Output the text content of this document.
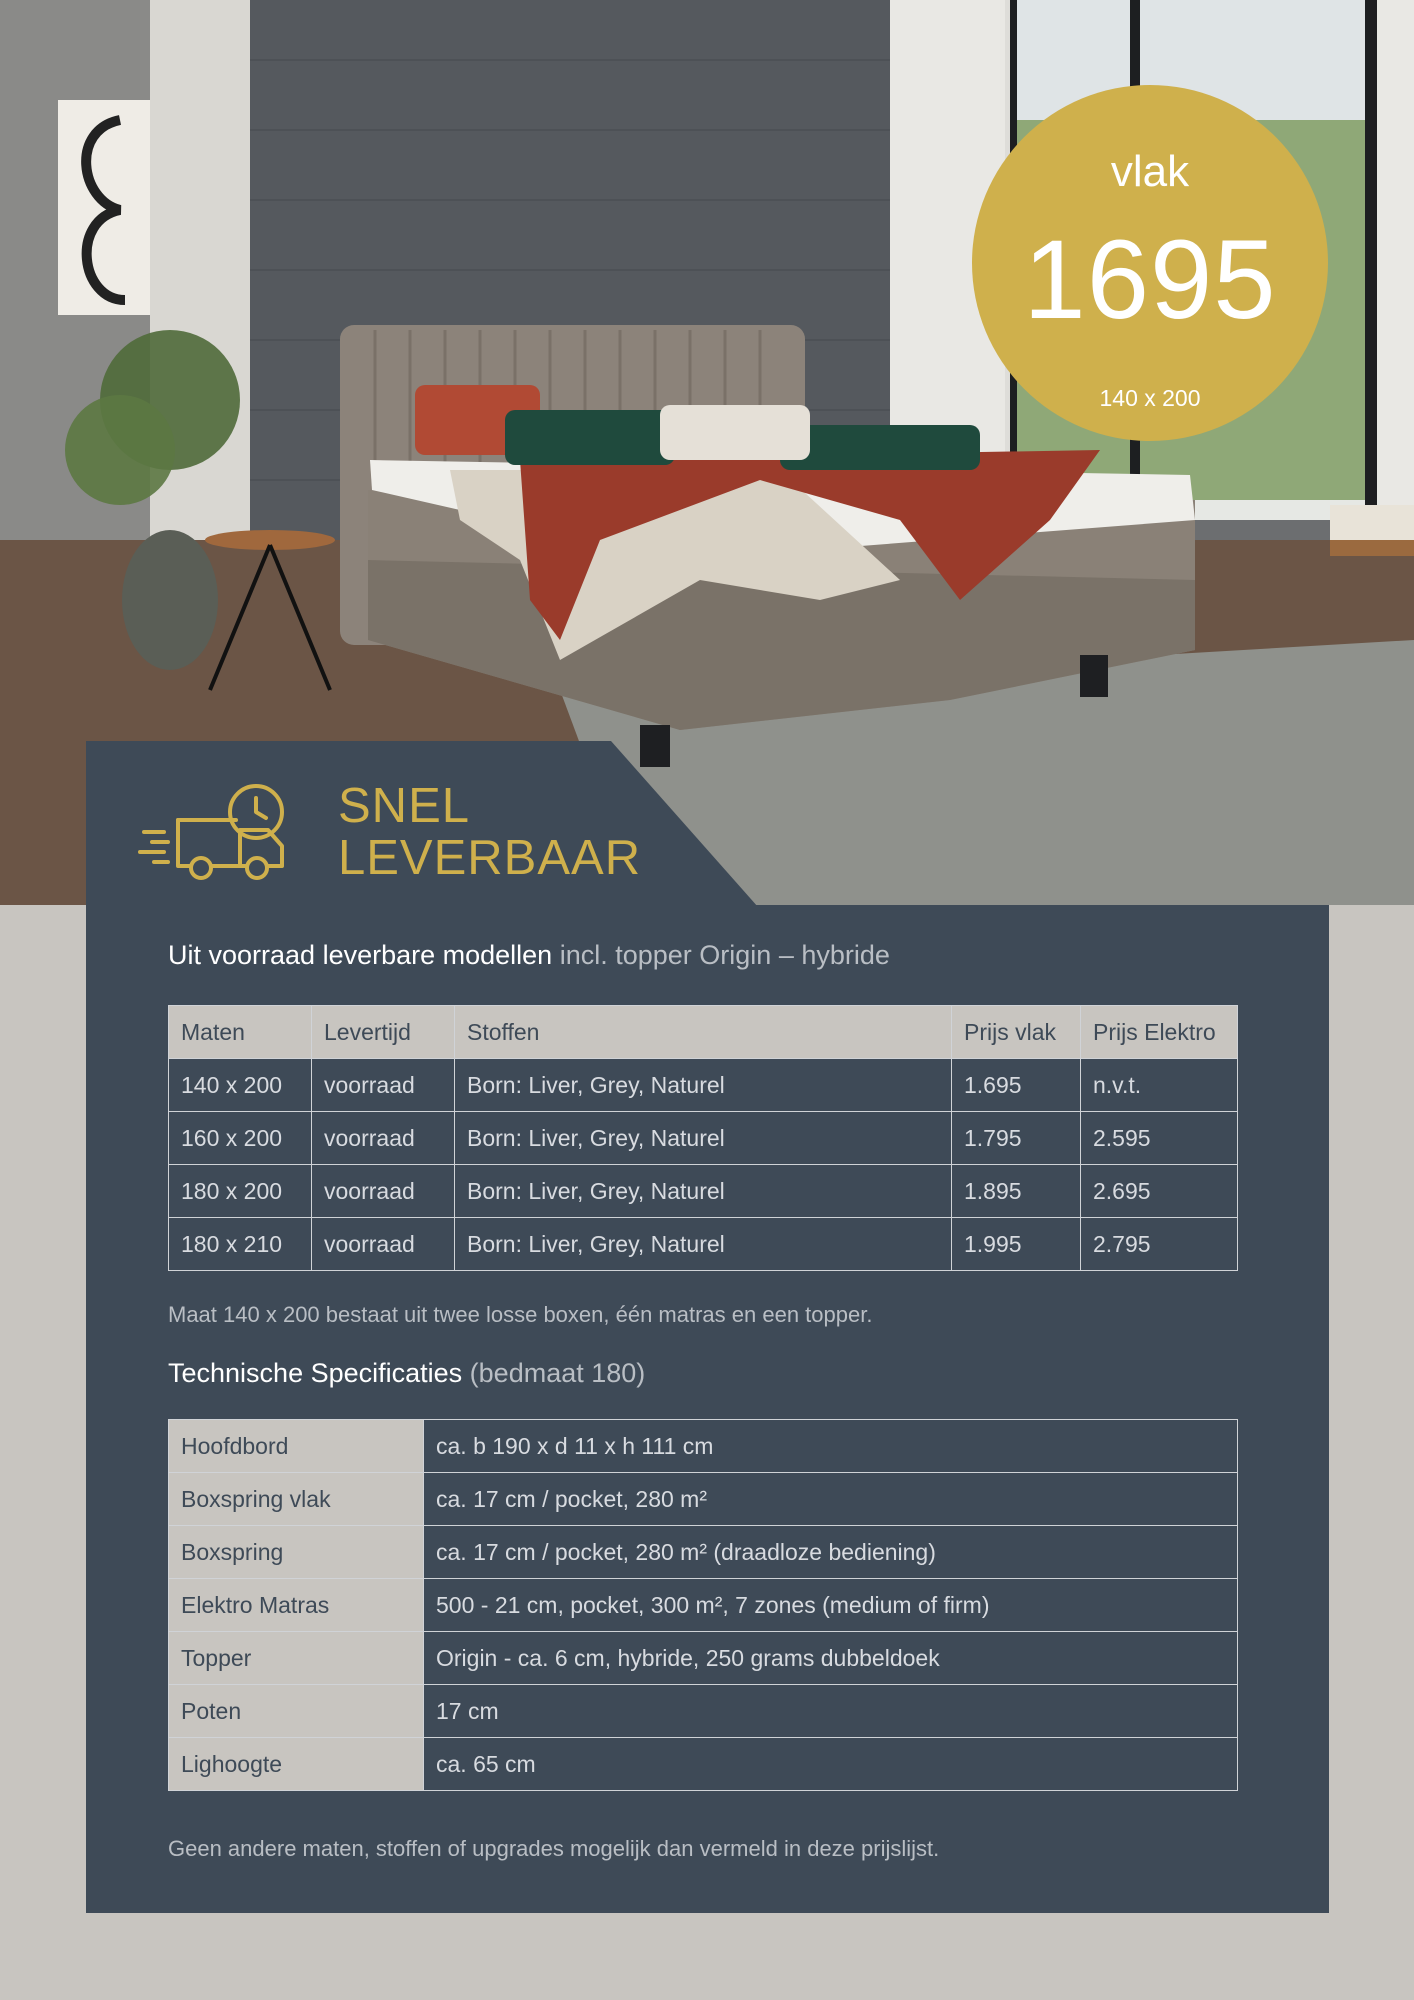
vlak
1695
140 x 200
SNEL
LEVERBAAR
Uit voorraad leverbare modellen incl. topper Origin – hybride
Maten	Levertijd	Stoffen	Prijs vlak	Prijs Elektro
140 x 200	voorraad	Born: Liver, Grey, Naturel	1.695	n.v.t.
160 x 200	voorraad	Born: Liver, Grey, Naturel	1.795	2.595
180 x 200	voorraad	Born: Liver, Grey, Naturel	1.895	2.695
180 x 210	voorraad	Born: Liver, Grey, Naturel	1.995	2.795
Maat 140 x 200 bestaat uit twee losse boxen, één matras en een topper.
Technische Specificaties (bedmaat 180)
Hoofdbord	ca. b 190 x d 11 x h 111 cm
Boxspring vlak	ca. 17 cm / pocket, 280 m²
Boxspring	ca. 17 cm / pocket, 280 m² (draadloze bediening)
Elektro Matras	500 - 21 cm, pocket, 300 m², 7 zones (medium of firm)
Topper	Origin - ca. 6 cm, hybride, 250 grams dubbeldoek
Poten	17 cm
Lighoogte	ca. 65 cm
Geen andere maten, stoffen of upgrades mogelijk dan vermeld in deze prijslijst.
